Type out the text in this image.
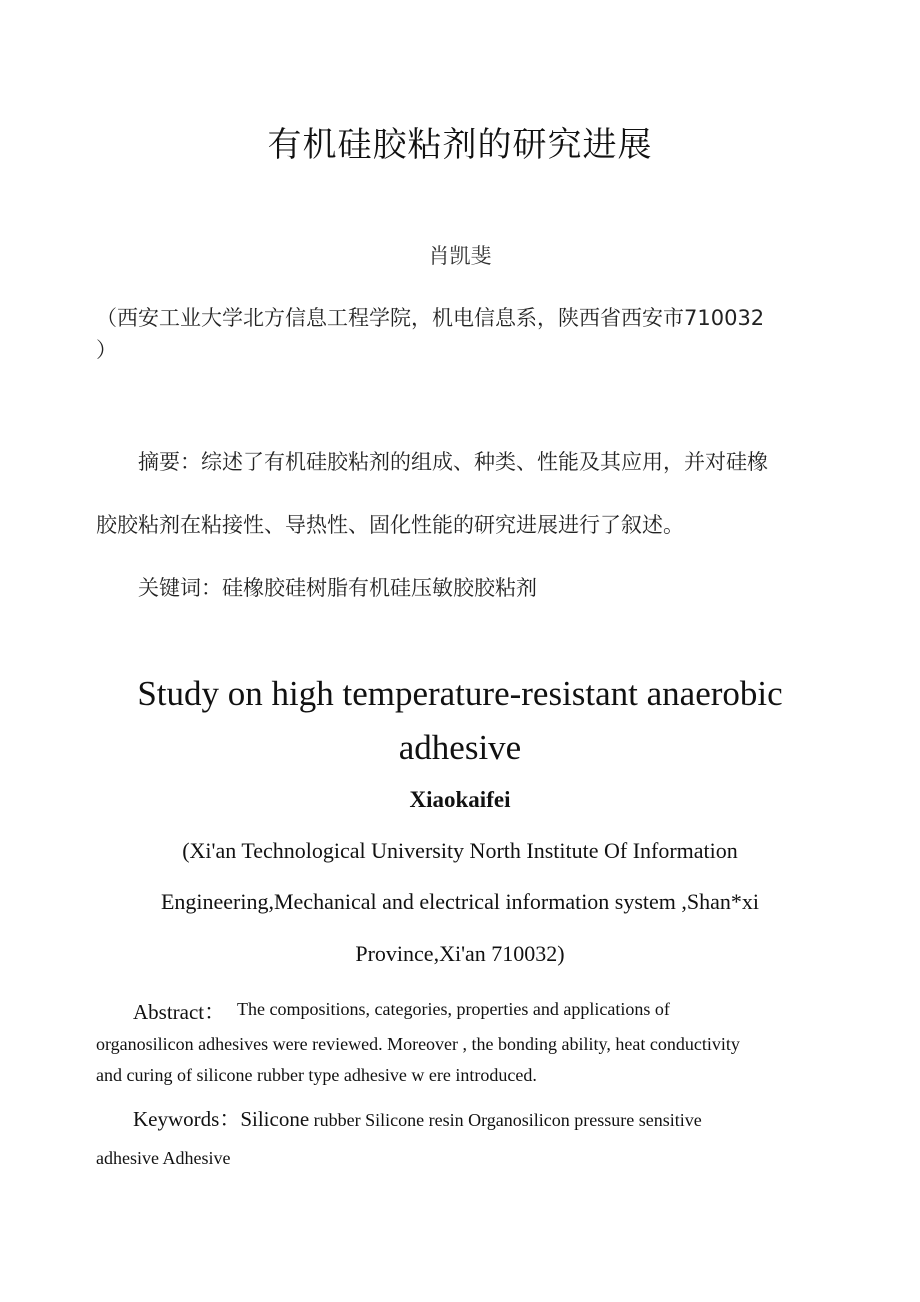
有机硅胶粘剂的研究进展
肖凯斐
（西安工业大学北方信息工程学院，机电信息系，陕西省西安市710032
）
摘要：综述了有机硅胶粘剂的组成、种类、性能及其应用，并对硅橡
胶胶粘剂在粘接性、导热性、固化性能的研究进展进行了叙述。
关键词：硅橡胶硅树脂有机硅压敏胶胶粘剂
Study on high temperature-resistant anaerobic
adhesive
Xiaokaifei
(Xi'an Technological University North Institute Of Information
Engineering,Mechanical and electrical information system ,Shan*xi
Province,Xi'an 710032)
Abstract： The compositions, categories, properties and applications of
organosilicon adhesives were reviewed. Moreover , the bonding ability, heat conductivity
and curing of silicone rubber type adhesive w ere introduced.
Keywords：Silicone rubber Silicone resin Organosilicon pressure sensitive
adhesive Adhesive
